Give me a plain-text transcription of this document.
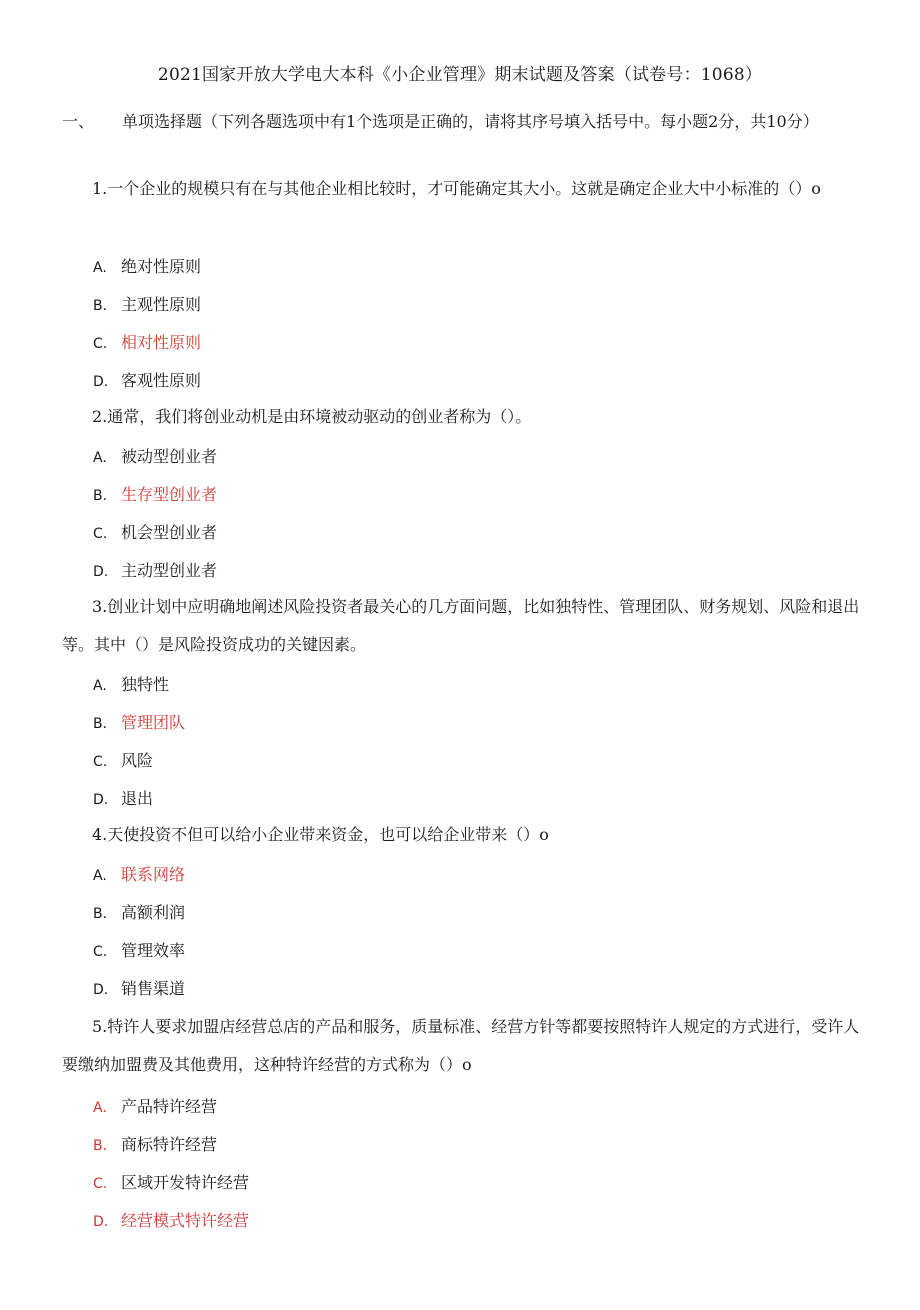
2021国家开放大学电大本科《小企业管理》期末试题及答案（试卷号：1068）
一、 单项选择题（下列各题选项中有1个选项是正确的，请将其序号填入括号中。每小题2分，共10分）
1.一个企业的规模只有在与其他企业相比较时，才可能确定其大小。这就是确定企业大中小标准的（）o
A. 绝对性原则
B. 主观性原则
C. 相对性原则
D. 客观性原则
2.通常，我们将创业动机是由环境被动驱动的创业者称为（）。
A. 被动型创业者
B. 生存型创业者
C. 机会型创业者
D. 主动型创业者
3.创业计划中应明确地阐述风险投资者最关心的几方面问题，比如独特性、管理团队、财务规划、风险和退出等。其中（）是风险投资成功的关键因素。
A. 独特性
B. 管理团队
C. 风险
D. 退出
4.天使投资不但可以给小企业带来资金，也可以给企业带来（）o
A. 联系网络
B. 高额利润
C. 管理效率
D. 销售渠道
5.特许人要求加盟店经营总店的产品和服务，质量标准、经营方针等都要按照特许人规定的方式进行，受许人要缴纳加盟费及其他费用，这种特许经营的方式称为（）o
A. 产品特许经营
B. 商标特许经营
C. 区域开发特许经营
D. 经营模式特许经营
